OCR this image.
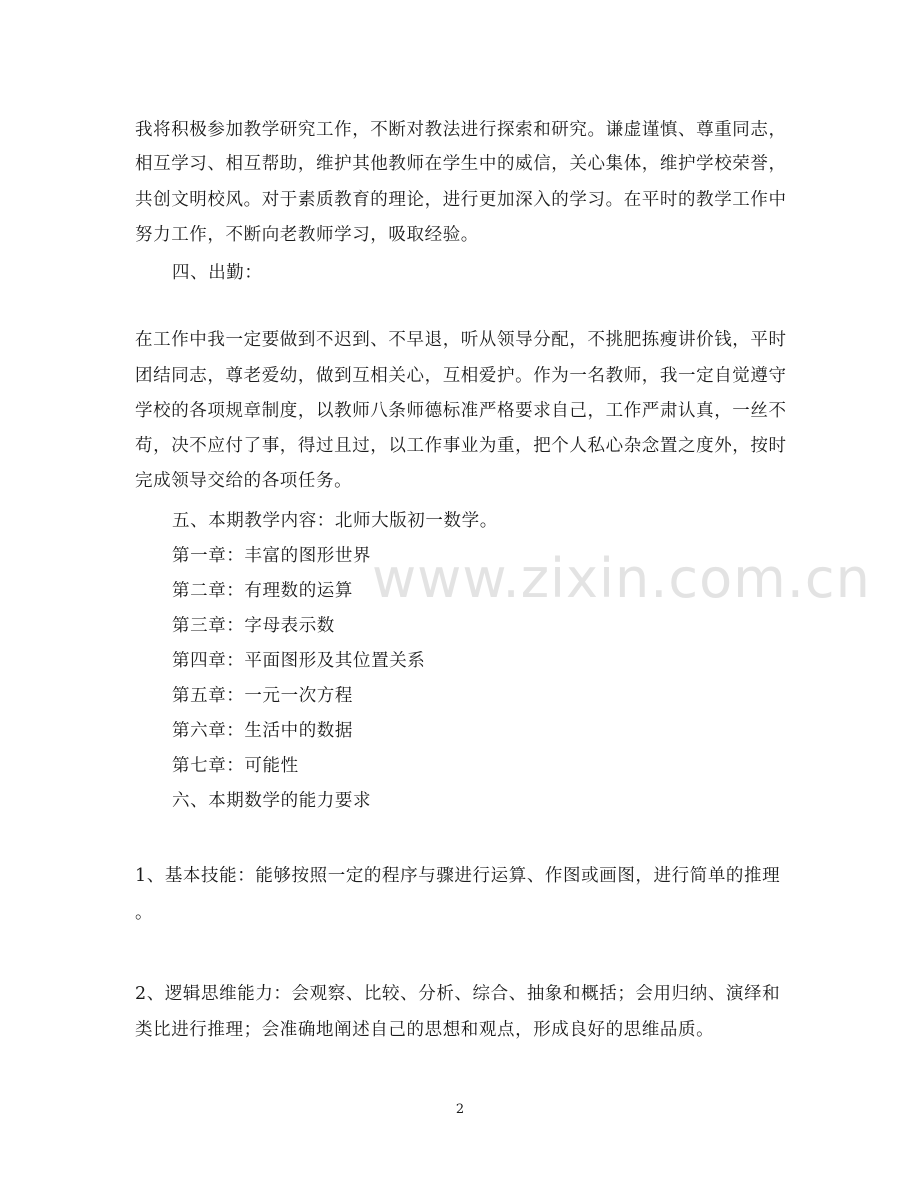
www.zixin.com.cn
我将积极参加教学研究工作，不断对教法进行探索和研究。谦虚谨慎、尊重同志，
相互学习、相互帮助，维护其他教师在学生中的威信，关心集体，维护学校荣誉，
共创文明校风。对于素质教育的理论，进行更加深入的学习。在平时的教学工作中
努力工作，不断向老教师学习，吸取经验。
四、出勤：
在工作中我一定要做到不迟到、不早退，听从领导分配，不挑肥拣瘦讲价钱，平时
团结同志，尊老爱幼，做到互相关心，互相爱护。作为一名教师，我一定自觉遵守
学校的各项规章制度，以教师八条师德标准严格要求自己，工作严肃认真，一丝不
苟，决不应付了事，得过且过，以工作事业为重，把个人私心杂念置之度外，按时
完成领导交给的各项任务。
五、本期教学内容：北师大版初一数学。
第一章：丰富的图形世界
第二章：有理数的运算
第三章：字母表示数
第四章：平面图形及其位置关系
第五章：一元一次方程
第六章：生活中的数据
第七章：可能性
六、本期数学的能力要求
1、基本技能：能够按照一定的程序与骤进行运算、作图或画图，进行简单的推理
。
2、逻辑思维能力：会观察、比较、分析、综合、抽象和概括；会用归纳、演绎和
类比进行推理；会准确地阐述自己的思想和观点，形成良好的思维品质。
2
